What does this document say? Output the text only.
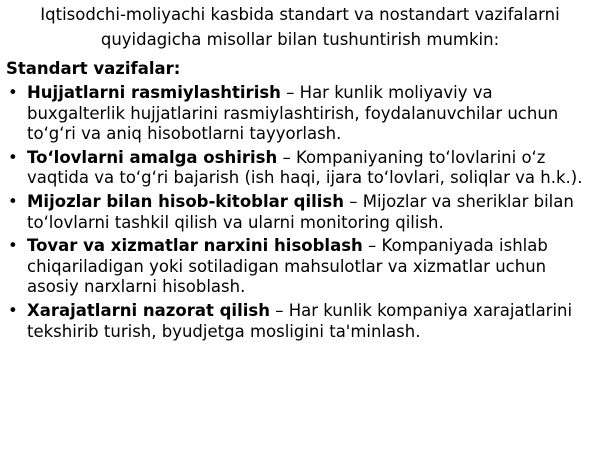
Iqtisodchi-moliyachi kasbida standart va nostandart vazifalarni quyidagicha misollar bilan tushuntirish mumkin:
Standart vazifalar:
• Hujjatlarni rasmiylashtirish – Har kunlik moliyaviy va buxgalterlik hujjatlarini rasmiylashtirish, foydalanuvchilar uchun to‘g‘ri va aniq hisobotlarni tayyorlash.
• To‘lovlarni amalga oshirish – Kompaniyaning to‘lovlarini o‘z vaqtida va to‘g‘ri bajarish (ish haqi, ijara to‘lovlari, soliqlar va h.k.).
• Mijozlar bilan hisob-kitoblar qilish – Mijozlar va sheriklar bilan to‘lovlarni tashkil qilish va ularni monitoring qilish.
• Tovar va xizmatlar narxini hisoblash – Kompaniyada ishlab chiqariladigan yoki sotiladigan mahsulotlar va xizmatlar uchun asosiy narxlarni hisoblash.
• Xarajatlarni nazorat qilish – Har kunlik kompaniya xarajatlarini tekshirib turish, byudjetga mosligini ta'minlash.
